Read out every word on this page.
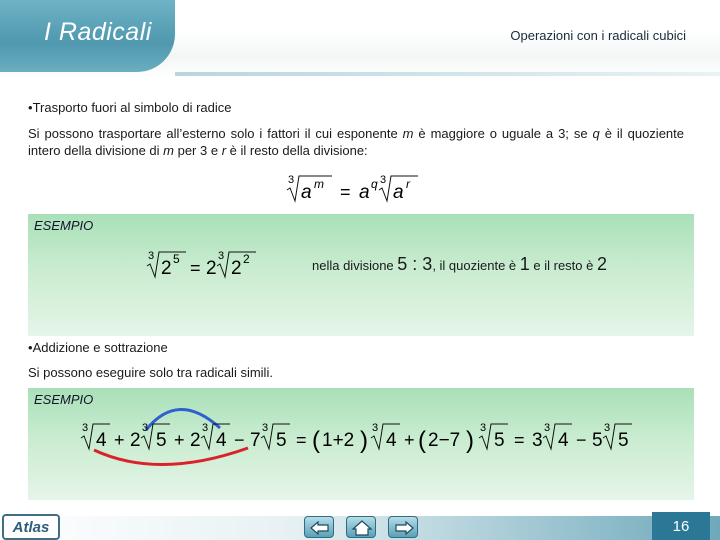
I Radicali	Operazioni con i radicali cubici
•Trasporto fuori al simbolo di radice
Si possono trasportare all’esterno solo i fattori il cui esponente m è maggiore o uguale a 3; se q è il quoziente intero della divisione di m per 3 e r è il resto della divisione:
3
a m = a q 3
a r
ESEMPIO
3
2 5 = 2
3
2 2	nella divisione 5 : 3, il quoziente è 1 e il resto è 2
•Addizione e sottrazione
Si possono eseguire solo tra radicali simili.
ESEMPIO
3
4 + 2
3
5 + 2
3
4 − 7
3
5 = ( 1+2 ) 3
4 + ( 2−7 ) 3
5 = 3
3
4 − 5
3
5
Atlas	16
